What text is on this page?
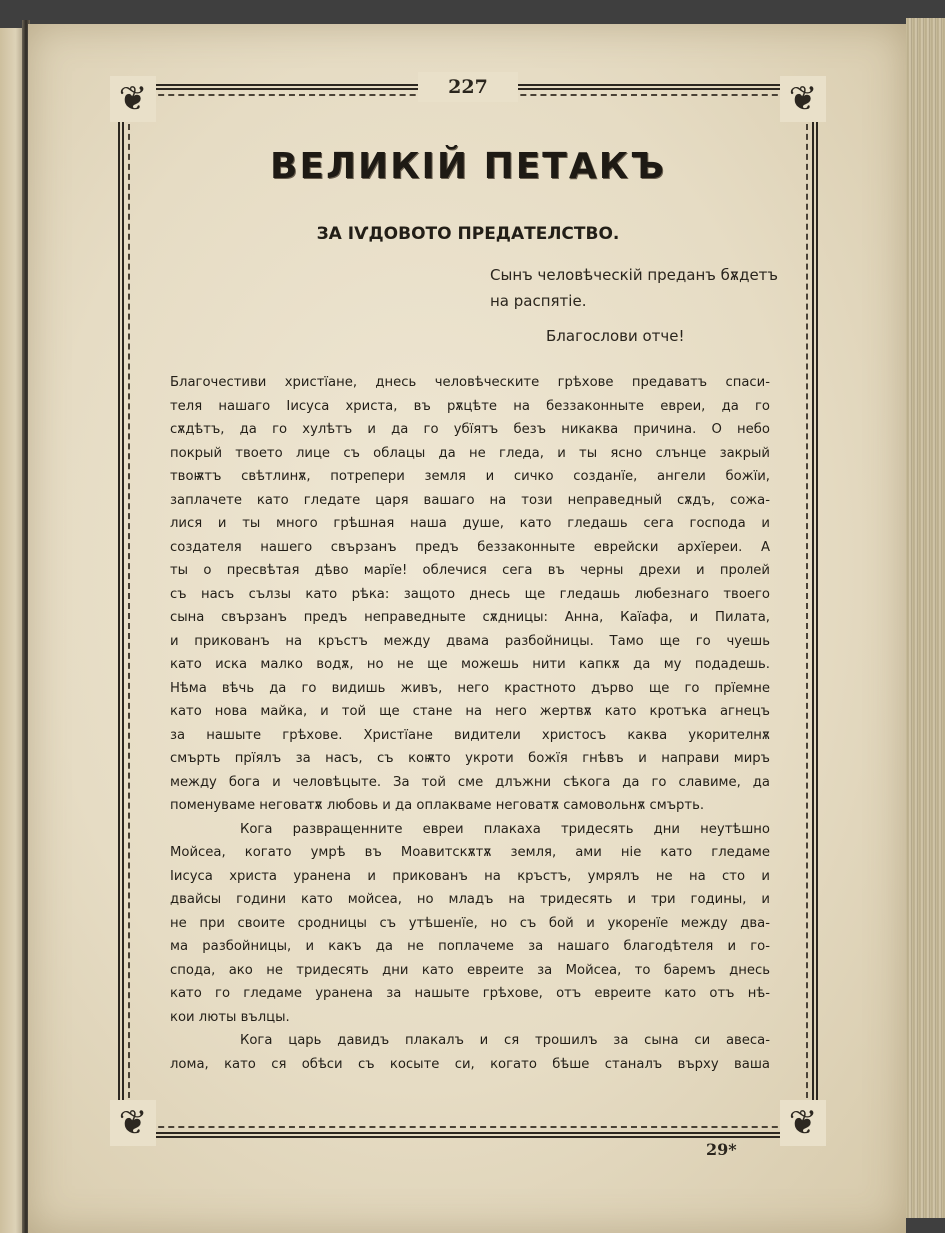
❦	❦
❦	❦
227
ВЕЛИКІЙ ПЕТАКЪ
ЗА ІѴДОВОТО ПРЕДАТЕЛСТВО.
Сынъ человѣческій преданъ бѫдетъ
на распятіе.
Благослови отче!
Благочестиви христїане, днесь человѣческите грѣхове предаватъ спаси-
теля нашаго Іисуса христа, въ рѫцѣте на беззаконныте евреи, да го
сѫдѣтъ, да го хулѣтъ и да го убїятъ безъ никаква причина. О небо
покрый твоето лице съ облацы да не гледа, и ты ясно слънце закрый
твоѭтъ свѣтлинѫ, потрепери земля и сичко созданїе, ангели божїи,
заплачете като гледате царя вашаго на този неправедный сѫдъ, сожа-
лися и ты много грѣшная наша душе, като гледашь сега господа и
создателя нашего свързанъ предъ беззаконныте еврейски архїереи. А
ты о пресвѣтая дѣво марїе! облечися сега въ черны дрехи и пролей
съ насъ сълзы като рѣка: защото днесь ще гледашь любезнаго твоего
сына свързанъ предъ неправедныте сѫдницы: Анна, Каїафа, и Пилата,
и прикованъ на кръстъ между двама разбойницы. Тамо ще го чуешь
като иска малко водѫ, но не ще можешь нити капкѫ да му подадешь.
Нѣма вѣчь да го видишь живъ, него крастното дърво ще го прїемне
като нова майка, и той ще стане на него жертвѫ като кротъка агнецъ
за нашыте грѣхове. Христїане видители христосъ каква укорителнѫ
смърть прїялъ за насъ, съ коѭто укроти божїя гнѣвъ и направи миръ
между бога и человѣцыте. За той сме длъжни сѣкога да го славиме, да
поменуваме неговатѫ любовь и да оплакваме неговатѫ самовольнѫ смърть.
Кога развращенните евреи плакаха тридесять дни неутѣшно
Мойсеа, когато умрѣ въ Моавитскѫтѫ земля, ами ніе като гледаме
Іисуса христа уранена и прикованъ на кръстъ, умрялъ не на сто и
двайсы години като мойсеа, но младъ на тридесять и три годины, и
не при своите сродницы съ утѣшенїе, но съ бой и укоренїе между два-
ма разбойницы, и какъ да не поплачеме за нашаго благодѣтеля и го-
спода, ако не тридесять дни като евреите за Мойсеа, то баремъ днесь
като го гледаме уранена за нашыте грѣхове, отъ евреите като отъ нѣ-
кои люты вълцы.
Кога царь давидъ плакалъ и ся трошилъ за сына си авеса-
лома, като ся обѣси съ косыте си, когато бѣше станалъ върху ваша
29*
